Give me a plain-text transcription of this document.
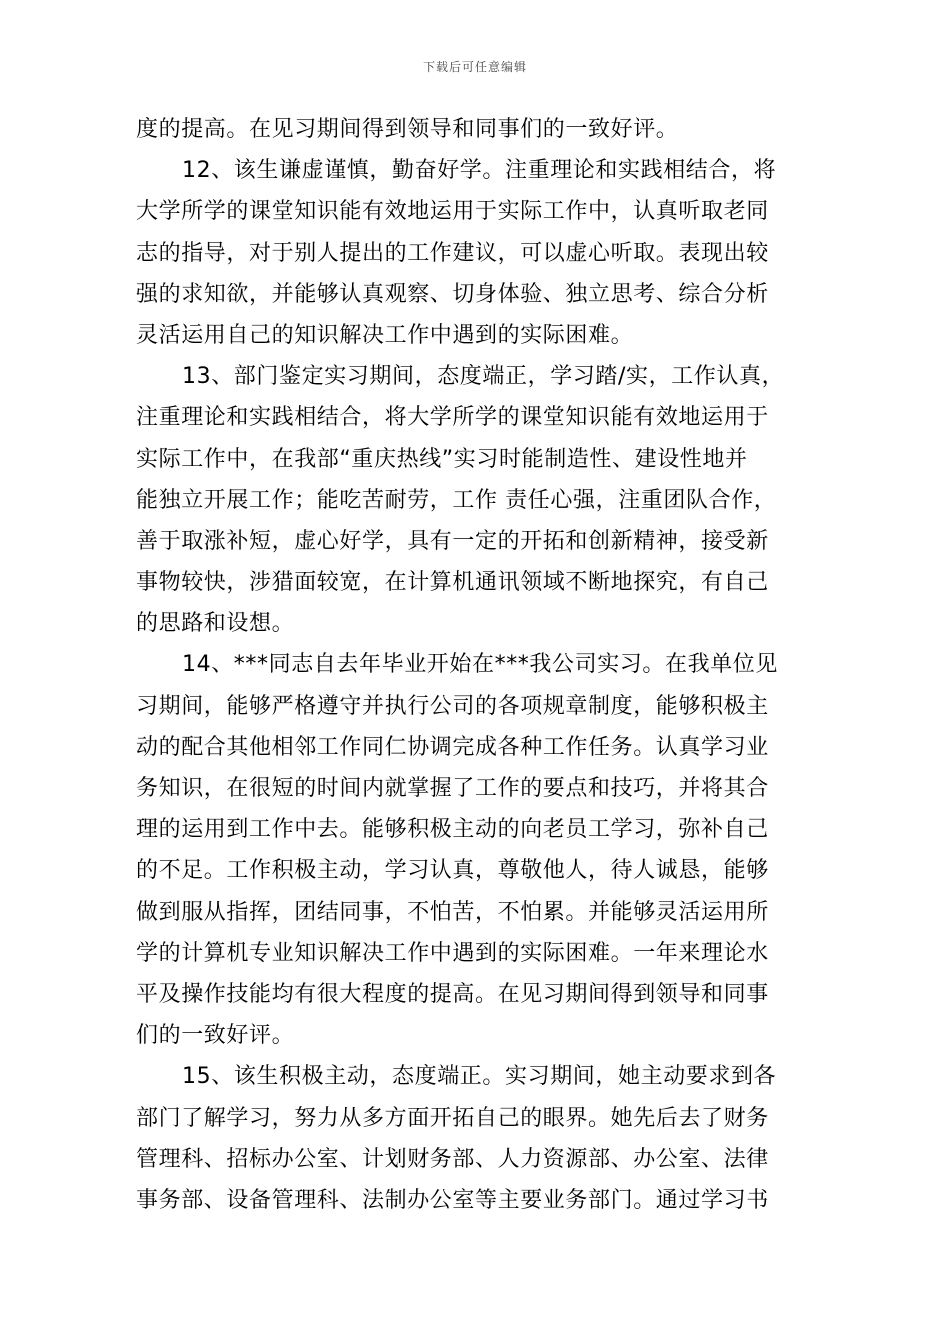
下载后可任意编辑
度的提高。在见习期间得到领导和同事们的一致好评。
12、该生谦虚谨慎，勤奋好学。注重理论和实践相结合，将
大学所学的课堂知识能有效地运用于实际工作中，认真听取老同
志的指导，对于别人提出的工作建议，可以虚心听取。表现出较
强的求知欲，并能够认真观察、切身体验、独立思考、综合分析
灵活运用自己的知识解决工作中遇到的实际困难。
13、部门鉴定实习期间，态度端正，学习踏/实，工作认真，
注重理论和实践相结合，将大学所学的课堂知识能有效地运用于
实际工作中，在我部“重庆热线”实习时能制造性、建设性地并
能独立开展工作；能吃苦耐劳，工作 责任心强，注重团队合作，
善于取涨补短，虚心好学，具有一定的开拓和创新精神，接受新
事物较快，涉猎面较宽，在计算机通讯领域不断地探究，有自己
的思路和设想。
14、***同志自去年毕业开始在***我公司实习。在我单位见
习期间，能够严格遵守并执行公司的各项规章制度，能够积极主
动的配合其他相邻工作同仁协调完成各种工作任务。认真学习业
务知识，在很短的时间内就掌握了工作的要点和技巧，并将其合
理的运用到工作中去。能够积极主动的向老员工学习，弥补自己
的不足。工作积极主动，学习认真，尊敬他人，待人诚恳，能够
做到服从指挥，团结同事，不怕苦，不怕累。并能够灵活运用所
学的计算机专业知识解决工作中遇到的实际困难。一年来理论水
平及操作技能均有很大程度的提高。在见习期间得到领导和同事
们的一致好评。
15、该生积极主动，态度端正。实习期间，她主动要求到各
部门了解学习，努力从多方面开拓自己的眼界。她先后去了财务
管理科、招标办公室、计划财务部、人力资源部、办公室、法律
事务部、设备管理科、法制办公室等主要业务部门。通过学习书
